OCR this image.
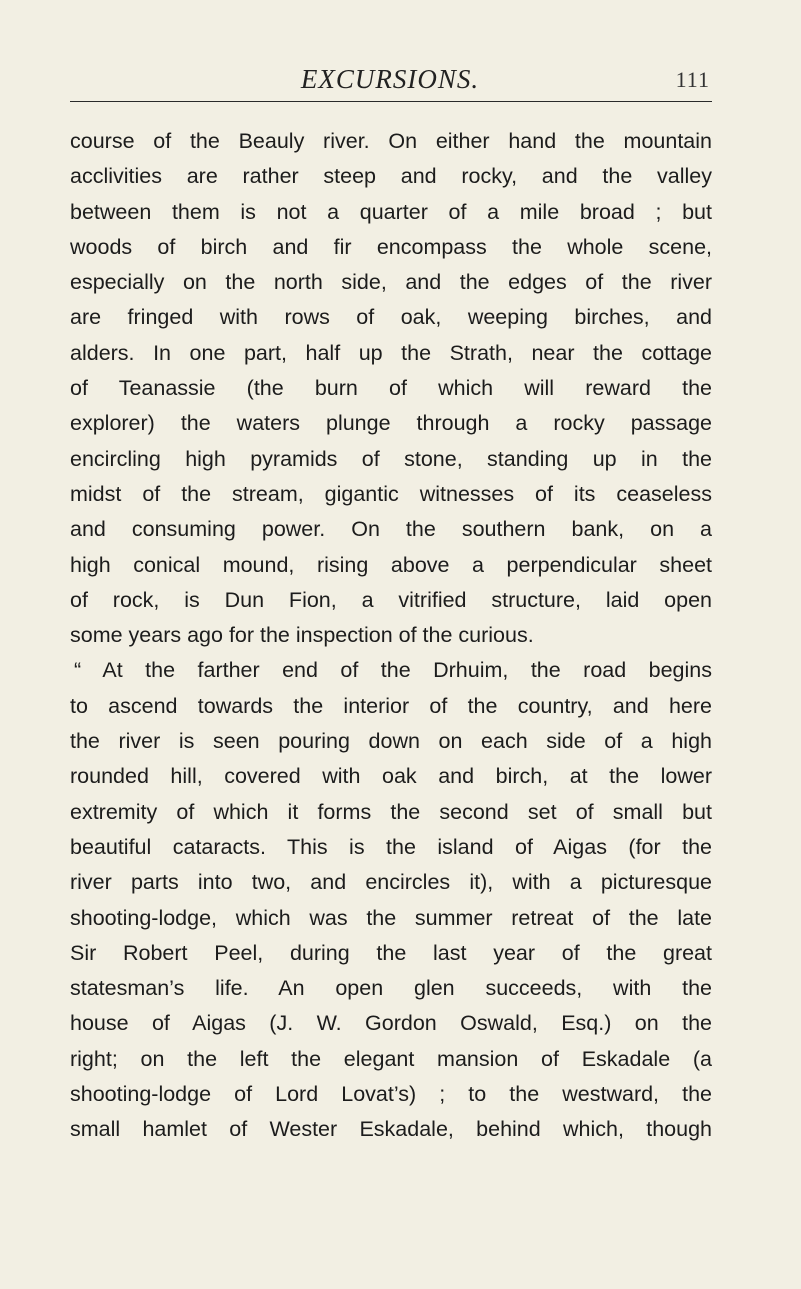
EXCURSIONS.	111
course of the Beauly river. On either hand the mountain
acclivities are rather steep and rocky, and the valley
between them is not a quarter of a mile broad ; but
woods of birch and fir encompass the whole scene,
especially on the north side, and the edges of the river
are fringed with rows of oak, weeping birches, and
alders. In one part, half up the Strath, near the cottage
of Teanassie (the burn of which will reward the
explorer) the waters plunge through a rocky passage
encircling high pyramids of stone, standing up in the
midst of the stream, gigantic witnesses of its ceaseless
and consuming power. On the southern bank, on a
high conical mound, rising above a perpendicular sheet
of rock, is Dun Fion, a vitrified structure, laid open
some years ago for the inspection of the curious.
“ At the farther end of the Drhuim, the road begins
to ascend towards the interior of the country, and here
the river is seen pouring down on each side of a high
rounded hill, covered with oak and birch, at the lower
extremity of which it forms the second set of small but
beautiful cataracts. This is the island of Aigas (for the
river parts into two, and encircles it), with a picturesque
shooting-lodge, which was the summer retreat of the late
Sir Robert Peel, during the last year of the great
statesman’s life. An open glen succeeds, with the
house of Aigas (J. W. Gordon Oswald, Esq.) on the
right; on the left the elegant mansion of Eskadale (a
shooting-lodge of Lord Lovat’s) ; to the westward, the
small hamlet of Wester Eskadale, behind which, though
